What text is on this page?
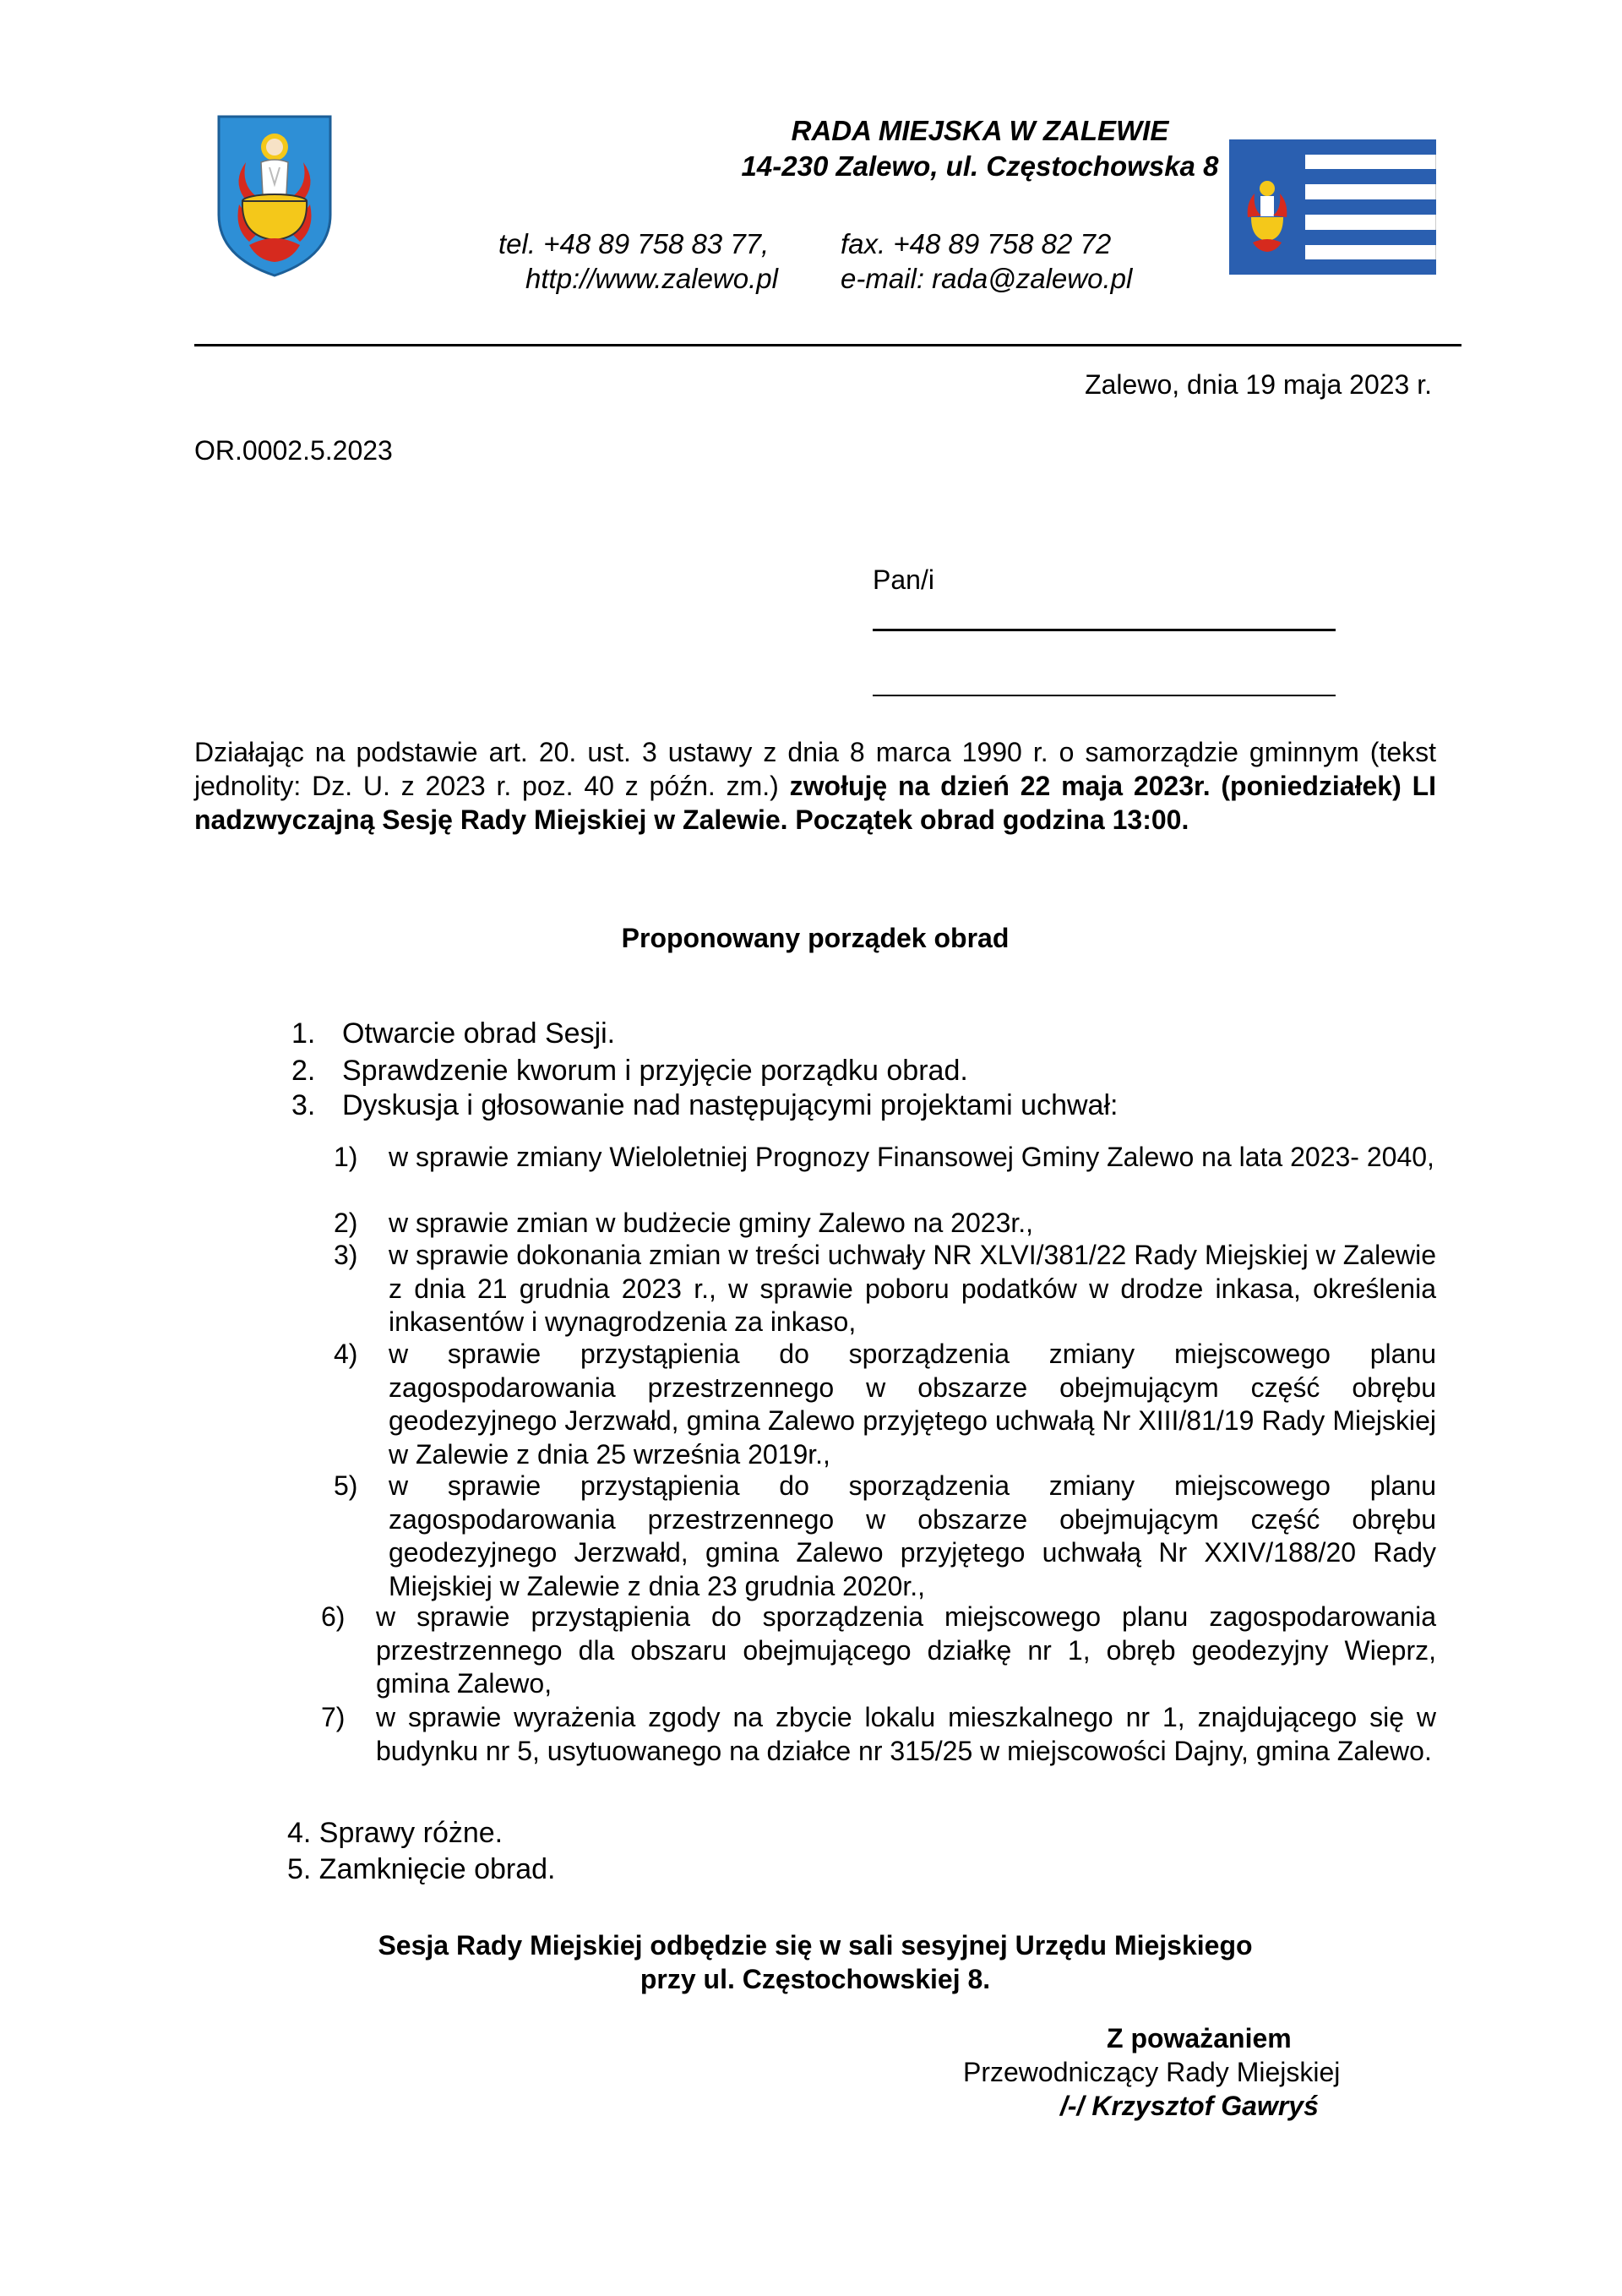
RADA MIEJSKA W ZALEWIE
14-230 Zalewo, ul. Częstochowska 8
tel. +48 89 758 83 77,	fax. +48 89 758 82 72
http://www.zalewo.pl e-mail: rada@zalewo.pl
Zalewo, dnia 19 maja 2023 r.
OR.0002.5.2023
Pan/i
Działając na podstawie art. 20. ust. 3 ustawy z dnia 8 marca 1990 r. o samorządzie gminnym (tekst jednolity: Dz. U. z 2023 r. poz. 40 z późn. zm.) zwołuję na dzień 22 maja 2023r. (poniedziałek) LI nadzwyczajną Sesję Rady Miejskiej w Zalewie. Początek obrad godzina 13:00.
Proponowany porządek obrad
1. Otwarcie obrad Sesji.
2. Sprawdzenie kworum i przyjęcie porządku obrad.
3. Dyskusja i głosowanie nad następującymi projektami uchwał:
1) w sprawie zmiany Wieloletniej Prognozy Finansowej Gminy Zalewo na lata 2023- 2040,
2) w sprawie zmian w budżecie gminy Zalewo na 2023r.,
3) w sprawie dokonania zmian w treści uchwały NR XLVI/381/22 Rady Miejskiej w Zalewie z dnia 21 grudnia 2023 r., w sprawie poboru podatków w drodze inkasa, określenia inkasentów i wynagrodzenia za inkaso,
4) w sprawie przystąpienia do sporządzenia zmiany miejscowego planu zagospodarowania przestrzennego w obszarze obejmującym część obrębu geodezyjnego Jerzwałd, gmina Zalewo przyjętego uchwałą Nr XIII/81/19 Rady Miejskiej w Zalewie z dnia 25 września 2019r.,
5) w sprawie przystąpienia do sporządzenia zmiany miejscowego planu zagospodarowania przestrzennego w obszarze obejmującym część obrębu geodezyjnego Jerzwałd, gmina Zalewo przyjętego uchwałą Nr XXIV/188/20 Rady Miejskiej w Zalewie z dnia 23 grudnia 2020r.,
6) w sprawie przystąpienia do sporządzenia miejscowego planu zagospodarowania przestrzennego dla obszaru obejmującego działkę nr 1, obręb geodezyjny Wieprz, gmina Zalewo,
7) w sprawie wyrażenia zgody na zbycie lokalu mieszkalnego nr 1, znajdującego się w budynku nr 5, usytuowanego na działce nr 315/25 w miejscowości Dajny, gmina Zalewo.
4. Sprawy różne.
5. Zamknięcie obrad.
Sesja Rady Miejskiej odbędzie się w sali sesyjnej Urzędu Miejskiego
przy ul. Częstochowskiej 8.
Z poważaniem
Przewodniczący Rady Miejskiej
/-/ Krzysztof Gawryś
